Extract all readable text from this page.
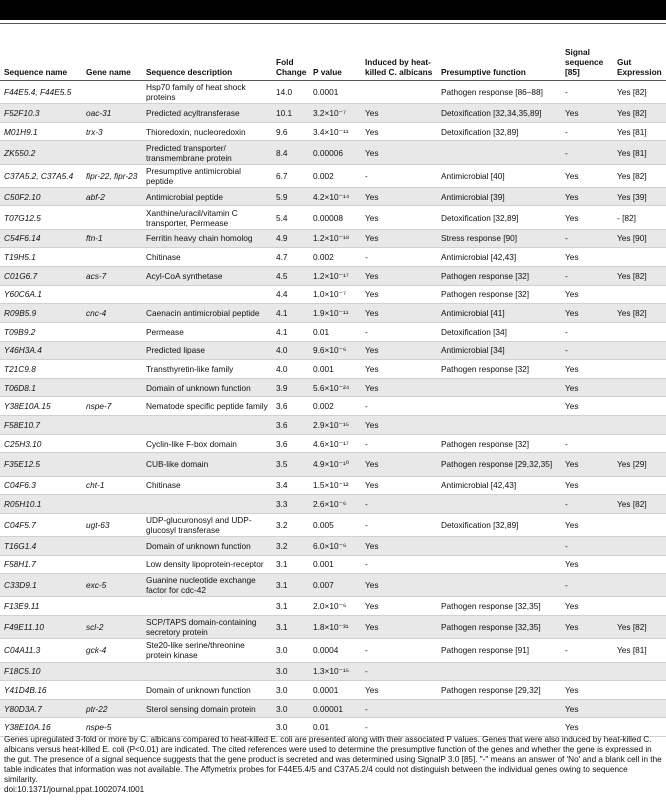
Sequence name	Gene name	Sequence description	Fold Change	P value	Induced by heat-killed C. albicans	Presumptive function	Signal sequence [85]	Gut Expression
F44E5.4, F44E5.5		Hsp70 family of heat shock proteins	14.0	0.0001		Pathogen response [86–88]	-	Yes [82]
F52F10.3	oac-31	Predicted acyltransferase	10.1	3.2×10⁻⁷	Yes	Detoxification [32,34,35,89]	Yes	Yes [82]
M01H9.1	trx-3	Thioredoxin, nucleoredoxin	9.6	3.4×10⁻¹¹	Yes	Detoxification [32,89]	-	Yes [81]
ZK550.2		Predicted transporter/ transmembrane protein	8.4	0.00006	Yes		-	Yes [81]
C37A5.2, C37A5.4	fipr-22, fipr-23	Presumptive antimicrobial peptide	6.7	0.002	-	Antimicrobial [40]	Yes	Yes [82]
C50F2.10	abf-2	Antimicrobial peptide	5.9	4.2×10⁻¹⁴	Yes	Antimicrobial [39]	Yes	Yes [39]
T07G12.5		Xanthine/uracil/vitamin C transporter, Permease	5.4	0.00008	Yes	Detoxification [32,89]	Yes	- [82]
C54F6.14	ftn-1	Ferritin heavy chain homolog	4.9	1.2×10⁻¹⁸	Yes	Stress response [90]	-	Yes [90]
T19H5.1		Chitinase	4.7	0.002	-	Antimicrobial [42,43]	Yes	
C01G6.7	acs-7	Acyl-CoA synthetase	4.5	1.2×10⁻¹⁷	Yes	Pathogen response [32]	-	Yes [82]
Y60C6A.1			4.4	1.0×10⁻⁷	Yes	Pathogen response [32]	Yes	
R09B5.9	cnc-4	Caenacin antimicrobial peptide	4.1	1.9×10⁻¹¹	Yes	Antimicrobial [41]	Yes	Yes [82]
T09B9.2		Permease	4.1	0.01	-	Detoxification [34]	-	
Y46H3A.4		Predicted lipase	4.0	9.6×10⁻⁶	Yes	Antimicrobial [34]	-	
T21C9.8		Transthyretin-like family	4.0	0.001	Yes	Pathogen response [32]	Yes	
T06D8.1		Domain of unknown function	3.9	5.6×10⁻²⁴	Yes		Yes	
Y38E10A.15	nspe-7	Nematode specific peptide family	3.6	0.002	-		Yes	
F58E10.7			3.6	2.9×10⁻¹⁵	Yes			
C25H3.10		Cyclin-like F-box domain	3.6	4.6×10⁻¹⁷	-	Pathogen response [32]	-	
F35E12.5		CUB-like domain	3.5	4.9×10⁻¹⁰	Yes	Pathogen response [29,32,35]	Yes	Yes [29]
C04F6.3	cht-1	Chitinase	3.4	1.5×10⁻¹²	Yes	Antimicrobial [42,43]	Yes	
R05H10.1			3.3	2.6×10⁻⁶	-		-	Yes [82]
C04F5.7	ugt-63	UDP-glucuronosyl and UDP-glucosyl transferase	3.2	0.005	-	Detoxification [32,89]	Yes	
T16G1.4		Domain of unknown function	3.2	6.0×10⁻⁶	Yes		-	
F58H1.7		Low density lipoprotein-receptor	3.1	0.001	-		Yes	
C33D9.1	exc-5	Guanine nucleotide exchange factor for cdc-42	3.1	0.007	Yes		-	
F13E9.11			3.1	2.0×10⁻⁶	Yes	Pathogen response [32,35]	Yes	
F49E11.10	scl-2	SCP/TAPS domain-containing secretory protein	3.1	1.8×10⁻³¹	Yes	Pathogen response [32,35]	Yes	Yes [82]
C04A11.3	gck-4	Ste20-like serine/threonine protein kinase	3.0	0.0004	-	Pathogen response [91]	-	Yes [81]
F18C5.10			3.0	1.3×10⁻¹⁵	-			
Y41D4B.16		Domain of unknown function	3.0	0.0001	Yes	Pathogen response [29,32]	Yes	
Y80D3A.7	ptr-22	Sterol sensing domain protein	3.0	0.00001	-		Yes	
Y38E10A.16	nspe-5		3.0	0.01	-		Yes	

Genes upregulated 3-fold or more by C. albicans compared to heat-killed E. coli are presented along with their associated P values. Genes that were also induced by heat-killed C. albicans versus heat-killed E. coli (P<0.01) are indicated. The cited references were used to determine the presumptive function of the genes and whether the gene is expressed in the gut. The presence of a signal sequence suggests that the gene product is secreted and was determined using SignalP 3.0 [85]. "-" means an answer of 'No' and a blank cell in the table indicates that information was not available. The Affymetrix probes for F44E5.4/5 and C37A5.2/4 could not distinguish between the individual genes owing to sequence similarity.

doi:10.1371/journal.ppat.1002074.t001
